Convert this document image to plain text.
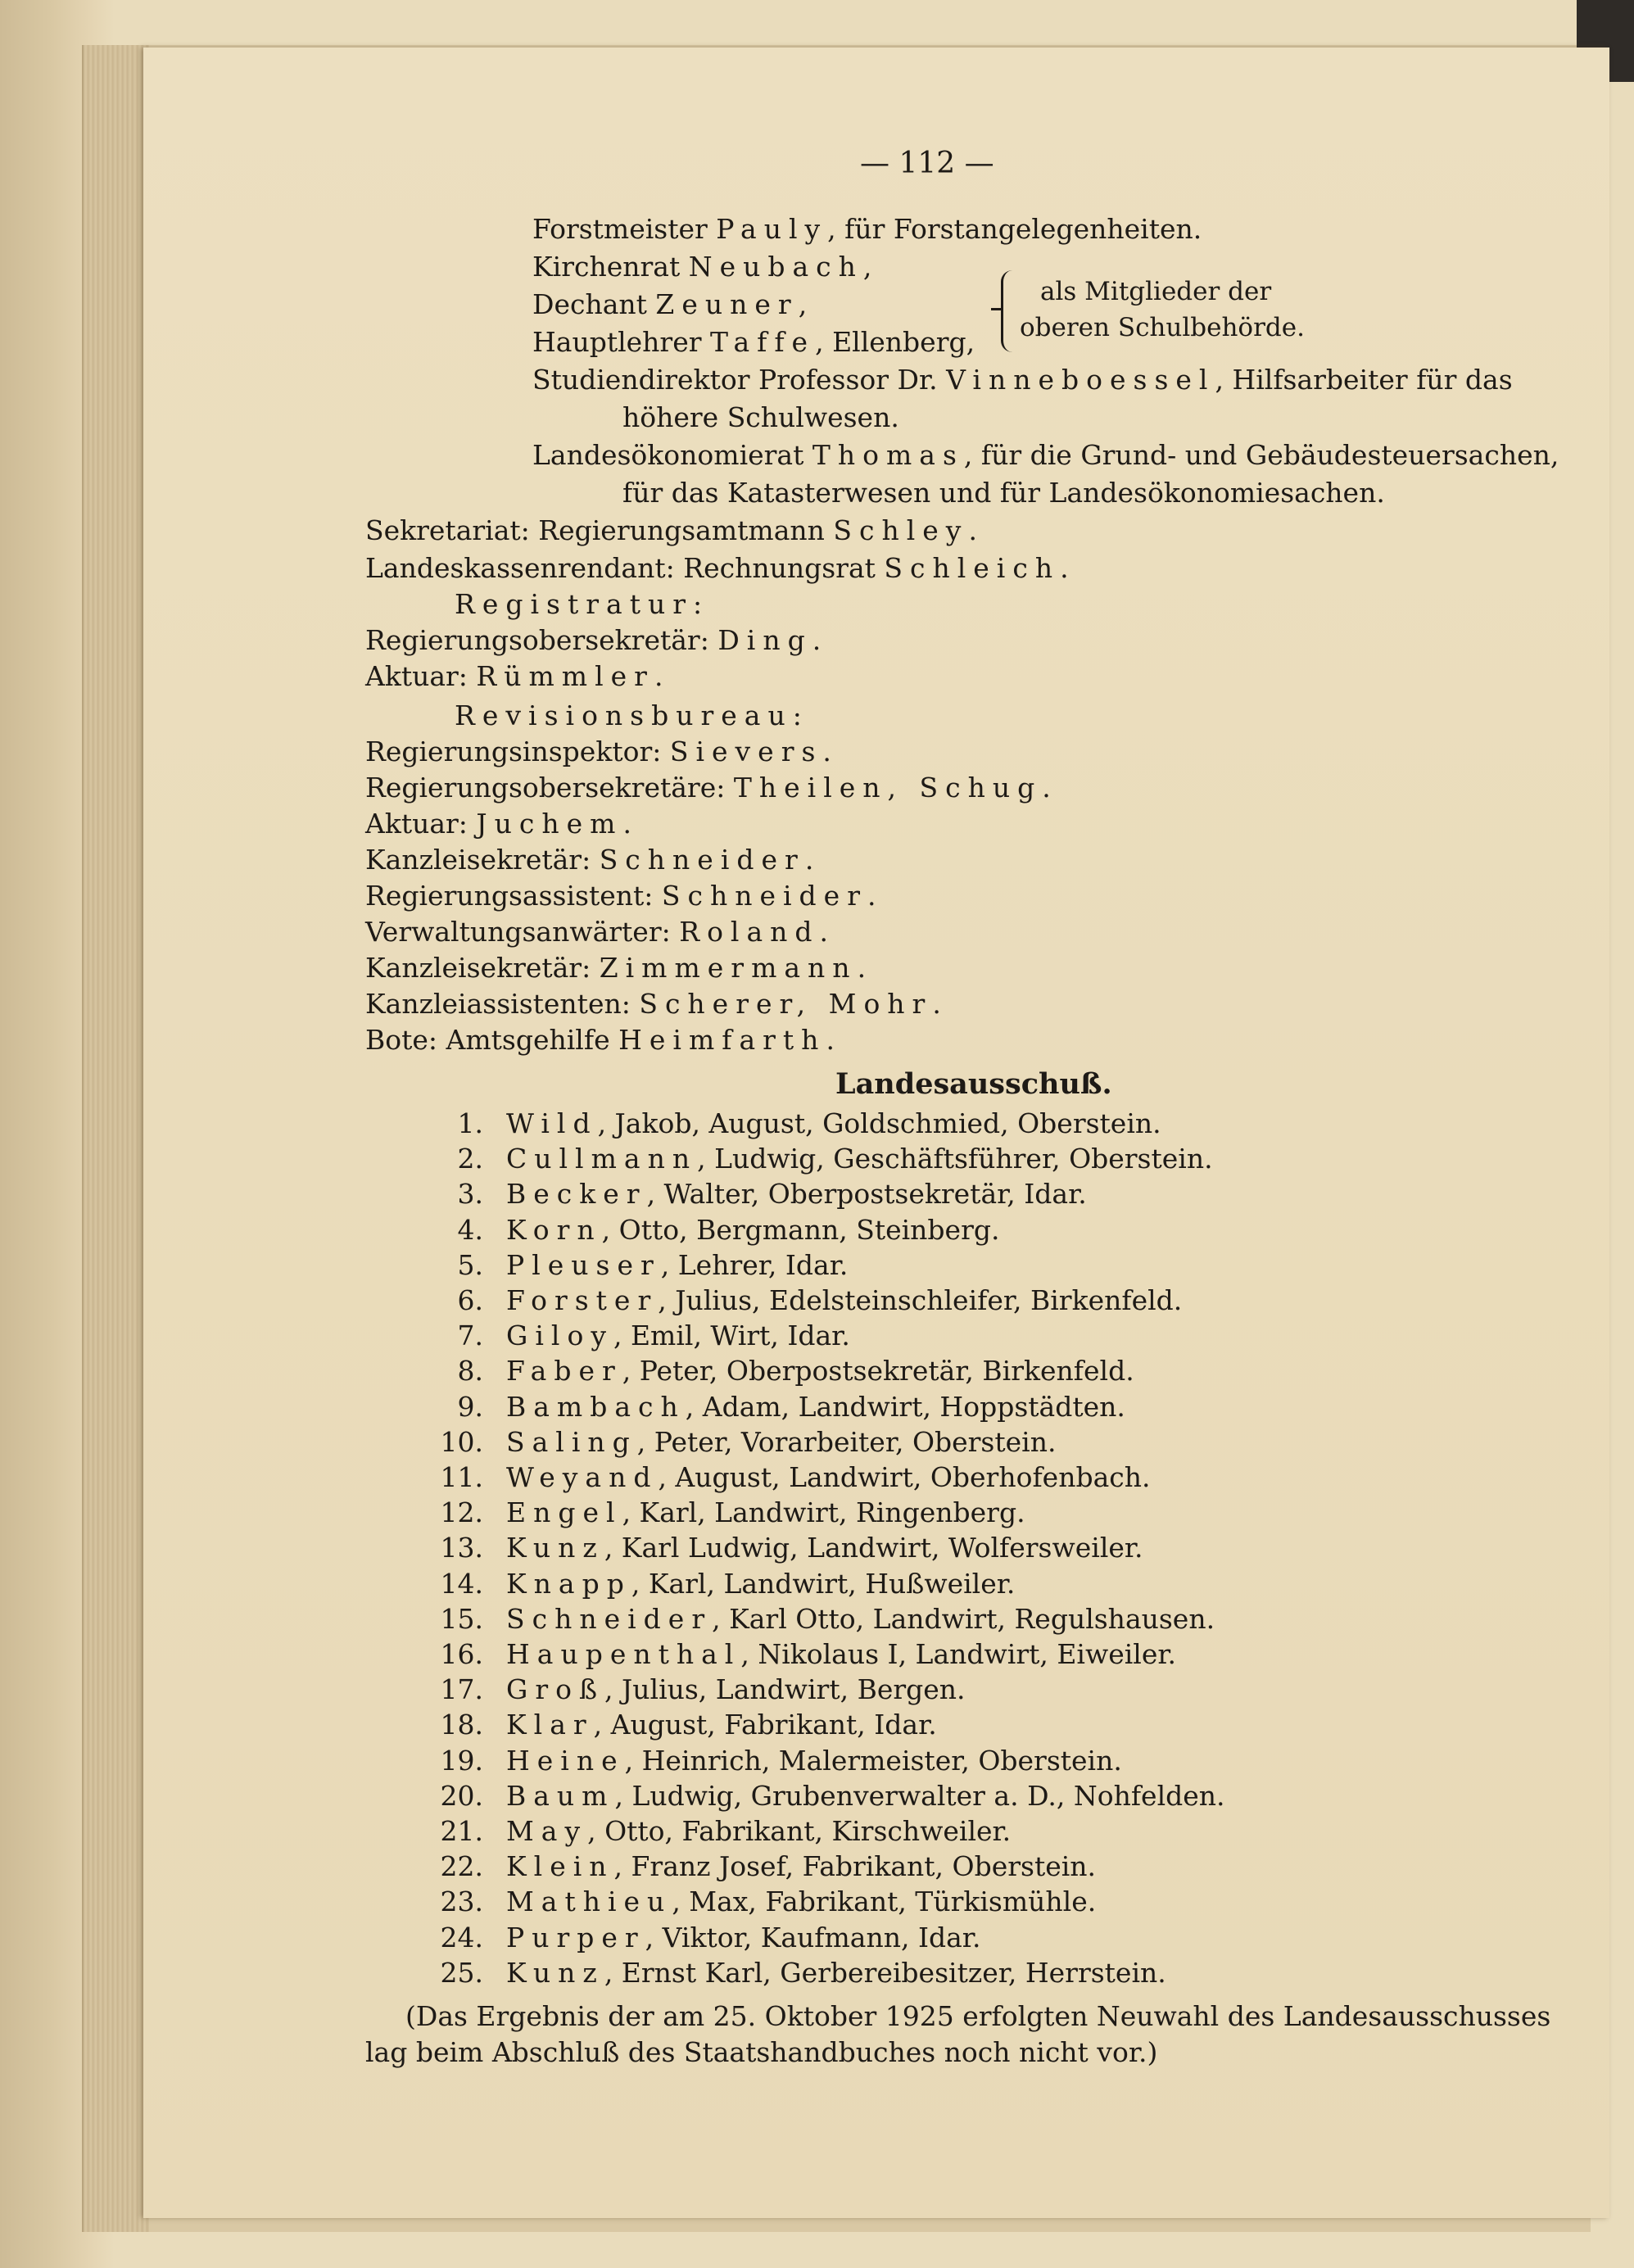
— 112 —
Forstmeister Pauly, für Forstangelegenheiten.
Kirchenrat Neubach,
Dechant Zeuner,
Hauptlehrer Taffe, Ellenberg,
als Mitglieder der
oberen Schulbehörde.
Studiendirektor Professor Dr. Vinneboessel, Hilfsarbeiter für das
höhere Schulwesen.
Landesökonomierat Thomas, für die Grund- und Gebäudesteuersachen,
für das Katasterwesen und für Landesökonomiesachen.
Sekretariat: Regierungsamtmann Schley.
Landeskassenrendant: Rechnungsrat Schleich.
Registratur:
Regierungsobersekretär: Ding.
Aktuar: Rümmler.
Revisionsbureau:
Regierungsinspektor: Sievers.
Regierungsobersekretäre: Theilen, Schug.
Aktuar: Juchem.
Kanzleisekretär: Schneider.
Regierungsassistent: Schneider.
Verwaltungsanwärter: Roland.
Kanzleisekretär: Zimmermann.
Kanzleiassistenten: Scherer, Mohr.
Bote: Amtsgehilfe Heimfarth.
Landesausschuß.
1. Wild, Jakob, August, Goldschmied, Oberstein.
2. Cullmann, Ludwig, Geschäftsführer, Oberstein.
3. Becker, Walter, Oberpostsekretär, Idar.
4. Korn, Otto, Bergmann, Steinberg.
5. Pleuser, Lehrer, Idar.
6. Forster, Julius, Edelsteinschleifer, Birkenfeld.
7. Giloy, Emil, Wirt, Idar.
8. Faber, Peter, Oberpostsekretär, Birkenfeld.
9. Bambach, Adam, Landwirt, Hoppstädten.
10. Saling, Peter, Vorarbeiter, Oberstein.
11. Weyand, August, Landwirt, Oberhofenbach.
12. Engel, Karl, Landwirt, Ringenberg.
13. Kunz, Karl Ludwig, Landwirt, Wolfersweiler.
14. Knapp, Karl, Landwirt, Hußweiler.
15. Schneider, Karl Otto, Landwirt, Regulshausen.
16. Haupenthal, Nikolaus I, Landwirt, Eiweiler.
17. Groß, Julius, Landwirt, Bergen.
18. Klar, August, Fabrikant, Idar.
19. Heine, Heinrich, Malermeister, Oberstein.
20. Baum, Ludwig, Grubenverwalter a. D., Nohfelden.
21. May, Otto, Fabrikant, Kirschweiler.
22. Klein, Franz Josef, Fabrikant, Oberstein.
23. Mathieu, Max, Fabrikant, Türkismühle.
24. Purper, Viktor, Kaufmann, Idar.
25. Kunz, Ernst Karl, Gerbereibesitzer, Herrstein.
(Das Ergebnis der am 25. Oktober 1925 erfolgten Neuwahl des Landesausschusses
lag beim Abschluß des Staatshandbuches noch nicht vor.)
